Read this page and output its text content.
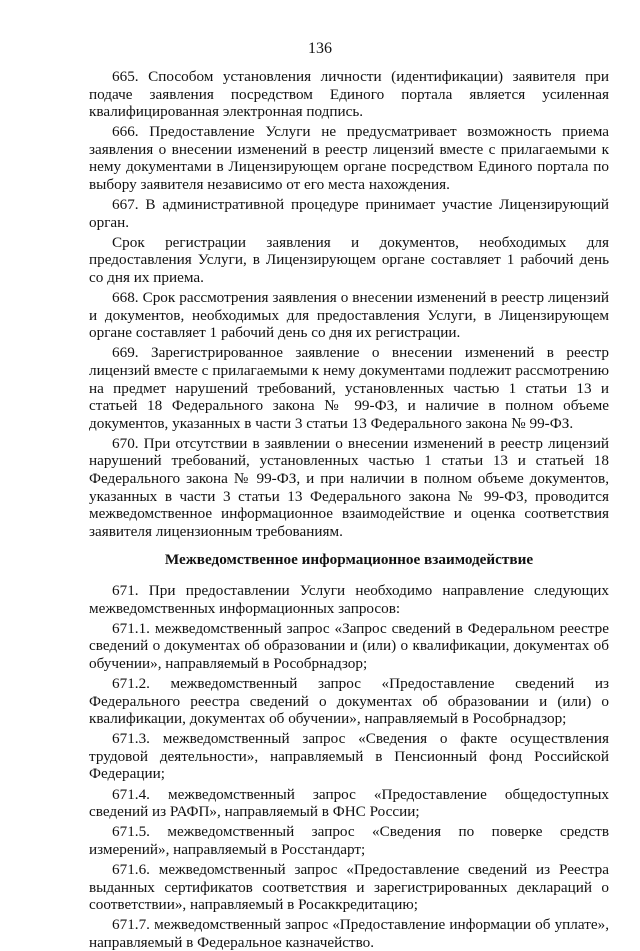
136

665. Способом установления личности (идентификации) заявителя при подаче заявления посредством Единого портала является усиленная квалифицированная электронная подпись.

666. Предоставление Услуги не предусматривает возможность приема заявления о внесении изменений в реестр лицензий вместе с прилагаемыми к нему документами в Лицензирующем органе посредством Единого портала по выбору заявителя независимо от его места нахождения.

667. В административной процедуре принимает участие Лицензирующий орган.

Срок регистрации заявления и документов, необходимых для предоставления Услуги, в Лицензирующем органе составляет 1 рабочий день со дня их приема.

668. Срок рассмотрения заявления о внесении изменений в реестр лицензий и документов, необходимых для предоставления Услуги, в Лицензирующем органе составляет 1 рабочий день со дня их регистрации.

669. Зарегистрированное заявление о внесении изменений в реестр лицензий вместе с прилагаемыми к нему документами подлежит рассмотрению на предмет нарушений требований, установленных частью 1 статьи 13 и статьей 18 Федерального закона № 99-ФЗ, и наличие в полном объеме документов, указанных в части 3 статьи 13 Федерального закона № 99-ФЗ.

670. При отсутствии в заявлении о внесении изменений в реестр лицензий нарушений требований, установленных частью 1 статьи 13 и статьей 18 Федерального закона № 99-ФЗ, и при наличии в полном объеме документов, указанных в части 3 статьи 13 Федерального закона № 99-ФЗ, проводится межведомственное информационное взаимодействие и оценка соответствия заявителя лицензионным требованиям.

Межведомственное информационное взаимодействие

671. При предоставлении Услуги необходимо направление следующих межведомственных информационных запросов:

671.1. межведомственный запрос «Запрос сведений в Федеральном реестре сведений о документах об образовании и (или) о квалификации, документах об обучении», направляемый в Рособрнадзор;

671.2. межведомственный запрос «Предоставление сведений из Федерального реестра сведений о документах об образовании и (или) о квалификации, документах об обучении», направляемый в Рособрнадзор;

671.3. межведомственный запрос «Сведения о факте осуществления трудовой деятельности», направляемый в Пенсионный фонд Российской Федерации;

671.4. межведомственный запрос «Предоставление общедоступных сведений из РАФП», направляемый в ФНС России;

671.5. межведомственный запрос «Сведения по поверке средств измерений», направляемый в Росстандарт;

671.6. межведомственный запрос «Предоставление сведений из Реестра выданных сертификатов соответствия и зарегистрированных деклараций о соответствии», направляемый в Росаккредитацию;

671.7. межведомственный запрос «Предоставление информации об уплате», направляемый в Федеральное казначейство.
